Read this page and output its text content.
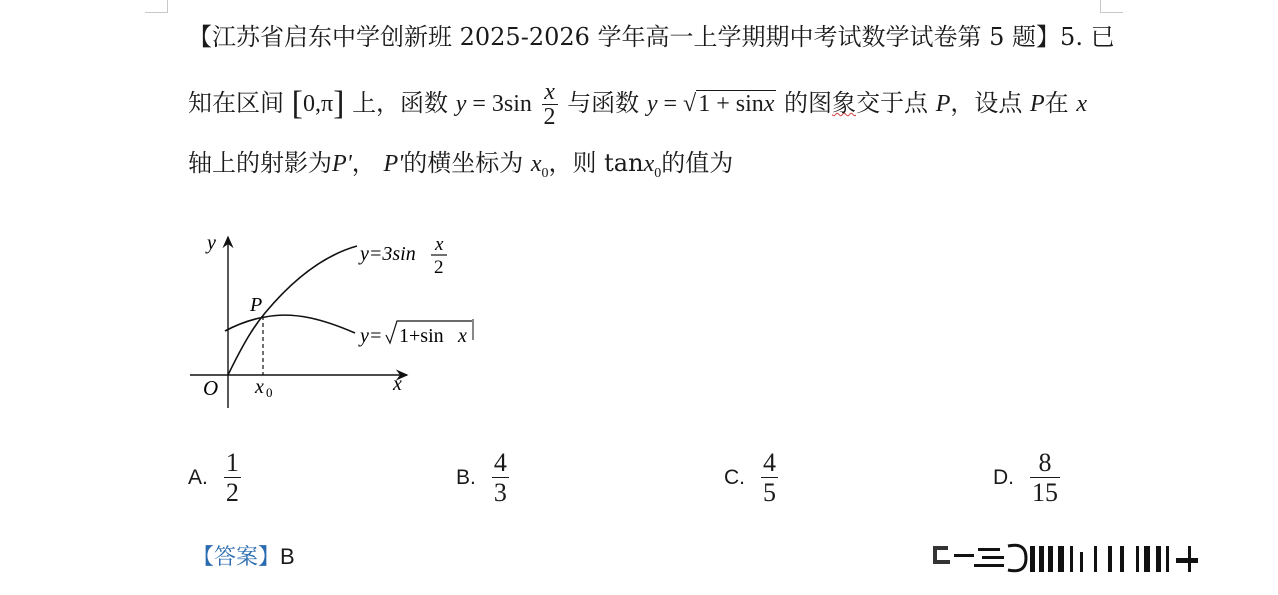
【江苏省启东中学创新班 2025-2026 学年高一上学期期中考试数学试卷第 5 题】5. 已
知在区间 [0,π] 上，函数 $y = 3\sin \frac{x}{2}$ 与函数 y = √1 + sinx 的图象交于点 P，设点 P在 x
轴上的射影为P'， P'的横坐标为 $x_0$，则 tanx$_0$的值为
y
x
O
P
x 0
y=3sin x
2
y= 1+sin x
A. $\frac{1}{2}$	B. $\frac{4}{3}$	C. $\frac{4}{5}$	D. $\frac{8}{15}$
【答案】B
